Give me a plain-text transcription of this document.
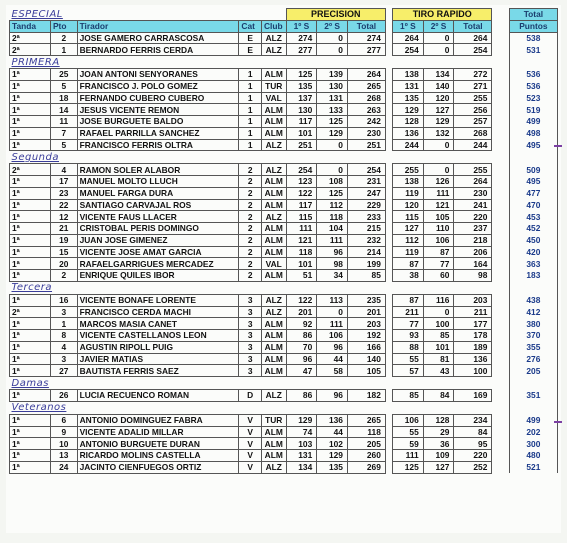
ESPECIAL					PRECISION				TIRO RAPIDO				Total
Tanda	Pto	Tirador	Cat	Club	1º S	2º S	Total		1º S	2º S	Total		Puntos
2ª	2	JOSE GAMERO CARRASCOSA	E	ALZ	274	0	274		264	0	264		538
2ª	1	BERNARDO FERRIS CERDA	E	ALZ	277	0	277		254	0	254		531
PRIMERA													
1ª	25	JOAN ANTONI SENYORANES	1	ALM	125	139	264		138	134	272		536
1ª	5	FRANCISCO J. POLO GOMEZ	1	TUR	135	130	265		131	140	271		536
1ª	18	FERNANDO CUBERO CUBERO	1	VAL	137	131	268		135	120	255		523
1ª	14	JESUS VICENTE REMON	1	ALM	130	133	263		129	127	256		519
1ª	11	JOSE BURGUETE BALDO	1	ALM	117	125	242		128	129	257		499
1ª	7	RAFAEL PARRILLA SANCHEZ	1	ALM	101	129	230		136	132	268		498
1ª	5	FRANCISCO FERRIS OLTRA	1	ALZ	251	0	251		244	0	244		495
Segunda													
2ª	4	RAMON SOLER ALABOR	2	ALZ	254	0	254		255	0	255		509
1ª	17	MANUEL MOLTO LLUCH	2	ALM	123	108	231		138	126	264		495
1ª	23	MANUEL FARGA DURA	2	ALM	122	125	247		119	111	230		477
1ª	22	SANTIAGO CARVAJAL ROS	2	ALM	117	112	229		120	121	241		470
1ª	12	VICENTE FAUS LLACER	2	ALZ	115	118	233		115	105	220		453
1ª	21	CRISTOBAL PERIS DOMINGO	2	ALM	111	104	215		127	110	237		452
1ª	19	JUAN JOSE GIMENEZ	2	ALM	121	111	232		112	106	218		450
1ª	15	VICENTE JOSE AMAT GARCIA	2	ALM	118	96	214		119	87	206		420
1ª	20	RAFAELGARRIGUES MERCADEZ	2	VAL	101	98	199		87	77	164		363
1ª	2	ENRIQUE QUILES IBOR	2	ALM	51	34	85		38	60	98		183
Tercera													
1ª	16	VICENTE BONAFE LORENTE	3	ALZ	122	113	235		87	116	203		438
2ª	3	FRANCISCO CERDA MACHI	3	ALZ	201	0	201		211	0	211		412
1ª	1	MARCOS MASIA CANET	3	ALM	92	111	203		77	100	177		380
1ª	8	VICENTE CASTELLANOS LEON	3	ALM	86	106	192		93	85	178		370
1ª	4	AGUSTIN RIPOLL PUIG	3	ALM	70	96	166		88	101	189		355
1ª	3	JAVIER MATIAS	3	ALM	96	44	140		55	81	136		276
1ª	27	BAUTISTA FERRIS SAEZ	3	ALM	47	58	105		57	43	100		205
Damas													
1ª	26	LUCIA RECUENCO ROMAN	D	ALZ	86	96	182		85	84	169		351
Veteranos													
1ª	6	ANTONIO DOMINGUEZ FABRA	V	TUR	129	136	265		106	128	234		499
1ª	9	VICENTE ADALID MILLAR	V	ALM	74	44	118		55	29	84		202
1ª	10	ANTONIO BURGUETE DURAN	V	ALM	103	102	205		59	36	95		300
1ª	13	RICARDO MOLINS CASTELLA	V	ALM	131	129	260		111	109	220		480
1ª	24	JACINTO CIENFUEGOS ORTIZ	V	ALZ	134	135	269		125	127	252		521
